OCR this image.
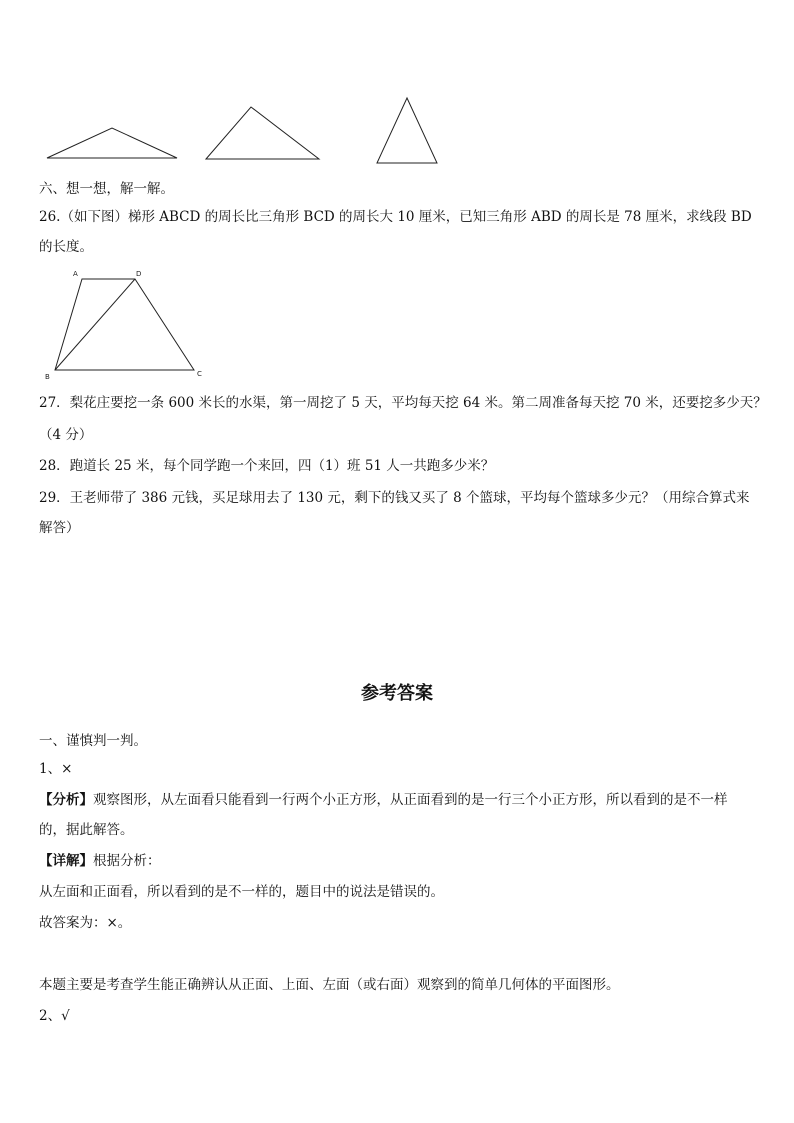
A	D
B	C
六、想一想，解一解。
26.（如下图）梯形 ABCD 的周长比三角形 BCD 的周长大 10 厘米，已知三角形 ABD 的周长是 78 厘米，求线段 BD
的长度。
27．梨花庄要挖一条 600 米长的水渠，第一周挖了 5 天，平均每天挖 64 米。第二周准备每天挖 70 米，还要挖多少天？
（4 分）
28．跑道长 25 米，每个同学跑一个来回，四（1）班 51 人一共跑多少米？
29．王老师带了 386 元钱，买足球用去了 130 元，剩下的钱又买了 8 个篮球，平均每个篮球多少元？（用综合算式来
解答）
参考答案
一、谨慎判一判。
1、×
【分析】观察图形，从左面看只能看到一行两个小正方形，从正面看到的是一行三个小正方形，所以看到的是不一样
的，据此解答。
【详解】根据分析：
从左面和正面看，所以看到的是不一样的，题目中的说法是错误的。
故答案为：×。
本题主要是考查学生能正确辨认从正面、上面、左面（或右面）观察到的简单几何体的平面图形。
2、√
